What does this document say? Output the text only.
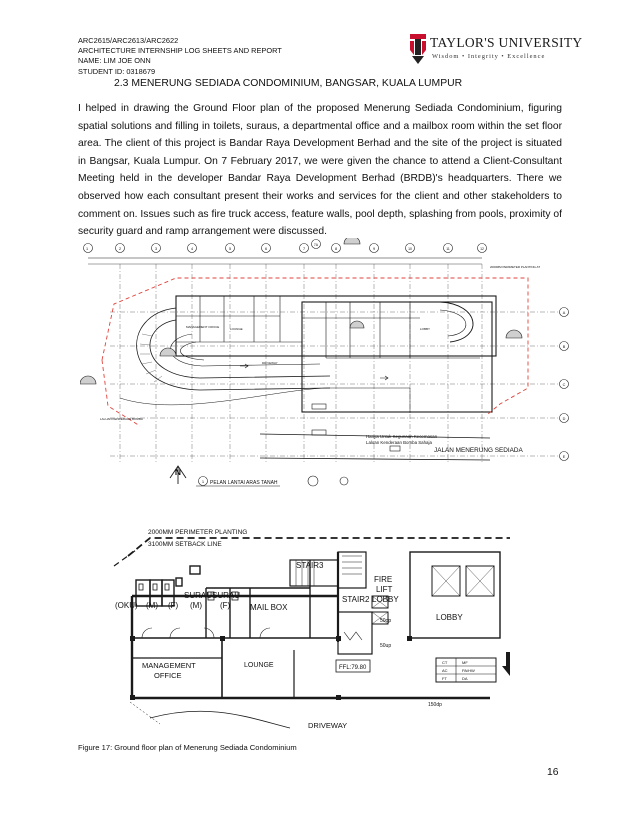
ARC2615/ARC2613/ARC2622
ARCHITECTURE INTERNSHIP LOG SHEETS AND REPORT
NAME: LIM JOE ONN
STUDENT ID: 0318679
TAYLOR'S UNIVERSITY
Wisdom • Integrity • Excellence
2.3 MENERUNG SEDIADA CONDOMINIUM, BANGSAR, KUALA LUMPUR

I helped in drawing the Ground Floor plan of the proposed Menerung Sediada Condominium, figuring spatial solutions and filling in toilets, suraus, a departmental office and a mailbox room within the set floor area. The client of this project is Bandar Raya Development Berhad and the site of the project is situated in Bangsar, Kuala Lumpur. On 7 February 2017, we were given the chance to attend a Client-Consultant Meeting held in the developer Bandar Raya Development Berhad (BRDB)'s headquarters. There we observed how each consultant present their works and services for the client and other stakeholders to comment on. Issues such as fire truck access, feature walls, pool depth, splashing from pools, proximity of security guard and ramp arrangement were discussed.

1	2	3	4	5	6	7
7A
8	9	10	11	12
A
B
C
D
E
2000MM PERIMETER PLANTING AT
MANAGEMENT OFFICE	LOUNGE
DRIVEWAY
LOBBY
LALUAN KENDERAAN BOMBA
Hanya Untuk Kegunaan Kecemasan
Laluan Kenderaan Bomba Sahaja
JALAN MENERUNG SEDIADA
N
1 PELAN LANTAI ARAS TANAH
2000MM PERIMETER PLANTING
3100MM SETBACK LINE
STAIR3
FIRE
LIFT
LOBBY
STAIR2
(OKU) (M) (F)
SURAU
(M)
SURAU
(F) MAIL BOX
LOBBY
LOUNGE
MANAGEMENT
OFFICE
FFL:79.80
DRIVEWAY
150dp
50dp
50up
CT	MF
AC	PA/HW
FT	DA
Figure 17: Ground floor plan of Menerung Sediada Condominium
16
